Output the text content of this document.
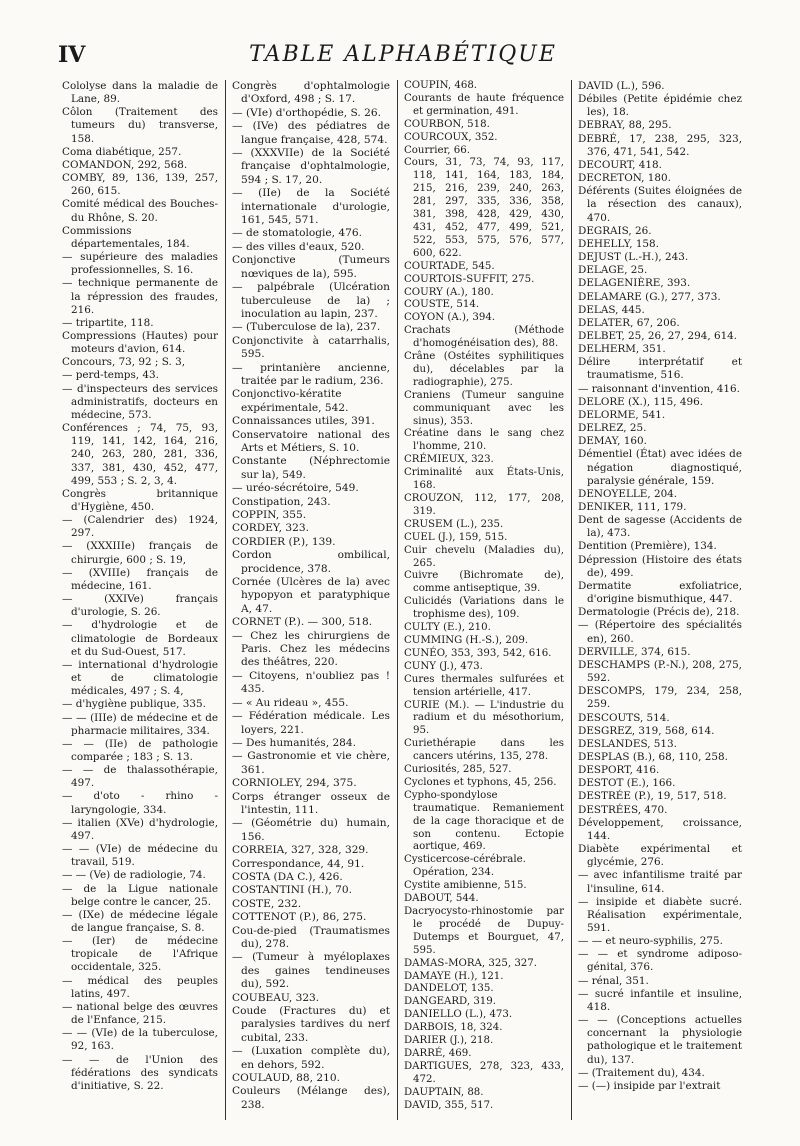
IV	TABLE ALPHABÉTIQUE

Cololyse dans la maladie de Lane, 89.

Côlon (Traitement des tumeurs du) transverse, 158.

Coma diabétique, 257.

COMANDON, 292, 568.

COMBY, 89, 136, 139, 257, 260, 615.

Comité médical des Bouches-du Rhône, S. 20.

Commissions départementales, 184.

— supérieure des maladies professionnelles, S. 16.

— technique permanente de la répression des fraudes, 216.

— tripartite, 118.

Compressions (Hautes) pour moteurs d'avion, 614.

Concours, 73, 92 ; S. 3,

— perd-temps, 43.

— d'inspecteurs des services administratifs, docteurs en médecine, 573.

Conférences ; 74, 75, 93, 119, 141, 142, 164, 216, 240, 263, 280, 281, 336, 337, 381, 430, 452, 477, 499, 553 ; S. 2, 3, 4.

Congrès britannique d'Hygiène, 450.

— (Calendrier des) 1924, 297.

— (XXXIIIe) français de chirurgie, 600 ; S. 19,

— (XVIIIe) français de médecine, 161.

— (XXIVe) français d'urologie, S. 26.

— d'hydrologie et de climatologie de Bordeaux et du Sud-Ouest, 517.

— international d'hydrologie et de climatologie médicales, 497 ; S. 4,

— d'hygiène publique, 335.

— — (IIIe) de médecine et de pharmacie militaires, 334.

— — (IIe) de pathologie comparée ; 183 ; S. 13.

— — de thalassothérapie, 497.

— d'oto - rhino - laryngologie, 334.

— italien (XVe) d'hydrologie, 497.

— — (VIe) de médecine du travail, 519.

— — (Ve) de radiologie, 74.

— de la Ligue nationale belge contre le cancer, 25.

— (IXe) de médecine légale de langue française, S. 8.

— (Ier) de médecine tropicale de l'Afrique occidentale, 325.

— médical des peuples latins, 497.

— national belge des œuvres de l'Enfance, 215.

— — (VIe) de la tuberculose, 92, 163.

— — de l'Union des fédérations des syndicats d'initiative, S. 22.

Congrès d'ophtalmologie d'Oxford, 498 ; S. 17.

— (VIe) d'orthopédie, S. 26.

— (IVe) des pédiatres de langue française, 428, 574.

— (XXXVIIe) de la Société française d'ophtalmologie, 594 ; S. 17, 20.

— (IIe) de la Société internationale d'urologie, 161, 545, 571.

— de stomatologie, 476.

— des villes d'eaux, 520.

Conjonctive (Tumeurs nœviques de la), 595.

— palpébrale (Ulcération tuberculeuse de la) ; inoculation au lapin, 237.

— (Tuberculose de la), 237.

Conjonctivite à catarrhalis, 595.

— printanière ancienne, traitée par le radium, 236.

Conjonctivo-kératite expérimentale, 542.

Connaissances utiles, 391.

Conservatoire national des Arts et Métiers, S. 10.

Constante (Néphrectomie sur la), 549.

— uréo-sécrétoire, 549.

Constipation, 243.

COPPIN, 355.

CORDEY, 323.

CORDIER (P.), 139.

Cordon ombilical, procidence, 378.

Cornée (Ulcères de la) avec hypopyon et paratyphique A, 47.

CORNET (P.). — 300, 518.

— Chez les chirurgiens de Paris. Chez les médecins des théâtres, 220.

— Citoyens, n'oubliez pas ! 435.

— « Au rideau », 455.

— Fédération médicale. Les loyers, 221.

— Des humanités, 284.

— Gastronomie et vie chère, 361.

CORNIOLEY, 294, 375.

Corps étranger osseux de l'intestin, 111.

— (Géométrie du) humain, 156.

CORREIA, 327, 328, 329.

Correspondance, 44, 91.

COSTA (DA C.), 426.

COSTANTINI (H.), 70.

COSTE, 232.

COTTENOT (P.), 86, 275.

Cou-de-pied (Traumatismes du), 278.

— (Tumeur à myéloplaxes des gaines tendineuses du), 592.

COUBEAU, 323.

Coude (Fractures du) et paralysies tardives du nerf cubital, 233.

— (Luxation complète du), en dehors, 592.

COULAUD, 88, 210.

Couleurs (Mélange des), 238.

COUPIN, 468.

Courants de haute fréquence et germination, 491.

COURBON, 518.

COURCOUX, 352.

Courrier, 66.

Cours, 31, 73, 74, 93, 117, 118, 141, 164, 183, 184, 215, 216, 239, 240, 263, 281, 297, 335, 336, 358, 381, 398, 428, 429, 430, 431, 452, 477, 499, 521, 522, 553, 575, 576, 577, 600, 622.

COURTADE, 545.

COURTOIS-SUFFIT, 275.

COURY (A.), 180.

COUSTE, 514.

COYON (A.), 394.

Crachats (Méthode d'homogénéisation des), 88.

Crâne (Ostéites syphilitiques du), décelables par la radiographie), 275.

Craniens (Tumeur sanguine communiquant avec les sinus), 353.

Créatine dans le sang chez l'homme, 210.

CRÉMIEUX, 323.

Criminalité aux États-Unis, 168.

CROUZON, 112, 177, 208, 319.

CRUSEM (L.), 235.

CUEL (J.), 159, 515.

Cuir chevelu (Maladies du), 265.

Cuivre (Bichromate de), comme antiseptique, 39.

Culicidés (Variations dans le trophisme des), 109.

CULTY (E.), 210.

CUMMING (H.-S.), 209.

CUNÉO, 353, 393, 542, 616.

CUNY (J.), 473.

Cures thermales sulfurées et tension artérielle, 417.

CURIE (M.). — L'industrie du radium et du mésothorium, 95.

Curiethérapie dans les cancers utérins, 135, 278.

Curiosités, 285, 527.

Cyclones et typhons, 45, 256.

Cypho-spondylose traumatique. Remaniement de la cage thoracique et de son contenu. Ectopie aortique, 469.

Cysticercose-cérébrale. Opération, 234.

Cystite amibienne, 515.

DABOUT, 544.

Dacryocysto-rhinostomie par le procédé de Dupuy-Dutemps et Bourguet, 47, 595.

DAMAS-MORA, 325, 327.

DAMAYE (H.), 121.

DANDELOT, 135.

DANGEARD, 319.

DANIELLO (L.), 473.

DARBOIS, 18, 324.

DARIER (J.), 218.

DARRÉ, 469.

DARTIGUES, 278, 323, 433, 472.

DAUPTAIN, 88.

DAVID, 355, 517.

DAVID (L.), 596.

Débiles (Petite épidémie chez les), 18.

DEBRAY, 88, 295.

DEBRÉ, 17, 238, 295, 323, 376, 471, 541, 542.

DECOURT, 418.

DECRETON, 180.

Déférents (Suites éloignées de la résection des canaux), 470.

DEGRAIS, 26.

DEHELLY, 158.

DEJUST (L.-H.), 243.

DELAGE, 25.

DELAGENIÈRE, 393.

DELAMARE (G.), 277, 373.

DELAS, 445.

DELATER, 67, 206.

DELBET, 25, 26, 27, 294, 614.

DELHERM, 351.

Délire interprétatif et traumatisme, 516.

— raisonnant d'invention, 416.

DELORE (X.), 115, 496.

DELORME, 541.

DELREZ, 25.

DEMAY, 160.

Démentiel (État) avec idées de négation diagnostiqué, paralysie générale, 159.

DENOYELLE, 204.

DENIKER, 111, 179.

Dent de sagesse (Accidents de la), 473.

Dentition (Première), 134.

Dépression (Histoire des états de), 499.

Dermatite exfoliatrice, d'origine bismuthique, 447.

Dermatologie (Précis de), 218.

— (Répertoire des spécialités en), 260.

DERVILLE, 374, 615.

DESCHAMPS (P.-N.), 208, 275, 592.

DESCOMPS, 179, 234, 258, 259.

DESCOUTS, 514.

DESGREZ, 319, 568, 614.

DESLANDES, 513.

DESPLAS (B.), 68, 110, 258.

DESPORT, 416.

DESTOT (E.), 166.

DESTRÉE (P.), 19, 517, 518.

DESTRÉES, 470.

Développement, croissance, 144.

Diabète expérimental et glycémie, 276.

— avec infantilisme traité par l'insuline, 614.

— insipide et diabète sucré. Réalisation expérimentale, 591.

— — et neuro-syphilis, 275.

— — et syndrome adiposo-génital, 376.

— rénal, 351.

— sucré infantile et insuline, 418.

— — (Conceptions actuelles concernant la physiologie pathologique et le traitement du), 137.

— (Traitement du), 434.

— (—) insipide par l'extrait
